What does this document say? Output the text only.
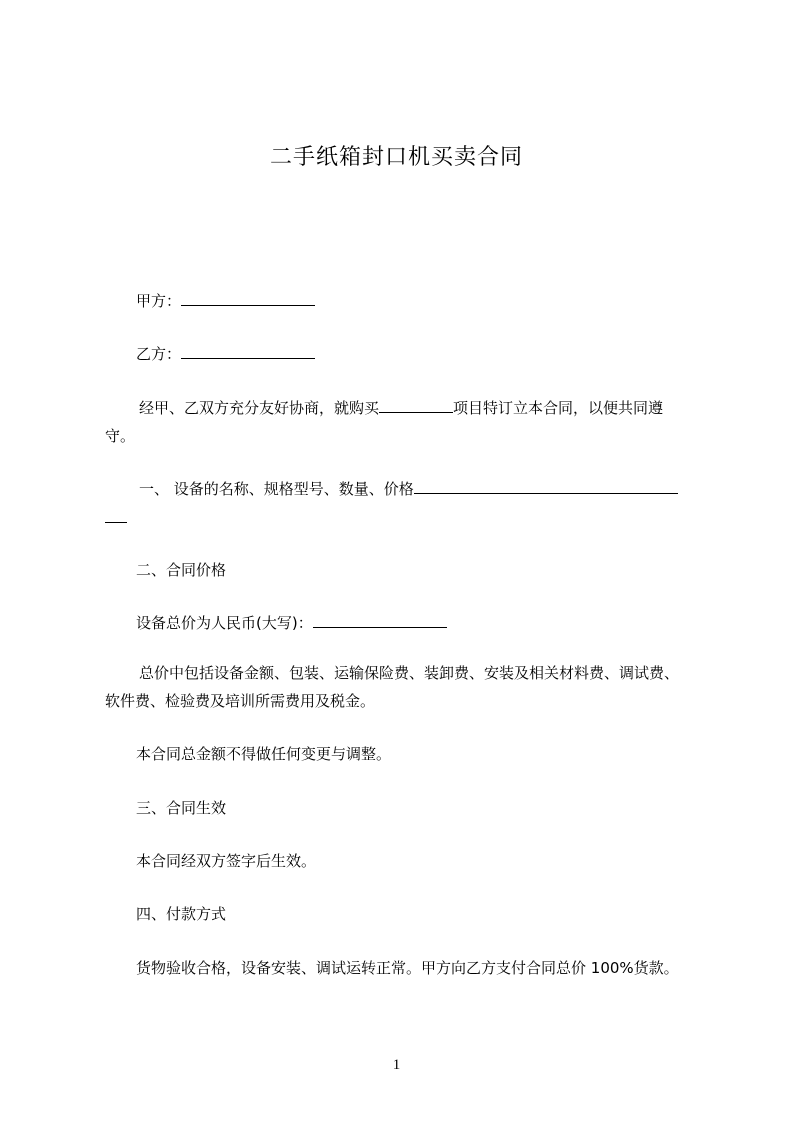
二手纸箱封口机买卖合同
甲方：
乙方：
经甲、乙双方充分友好协商，就购买	项目特订立本合同，以便共同遵
守。
一、 设备的名称、规格型号、数量、价格
二、合同价格
设备总价为人民币(大写)：
总价中包括设备金额、包装、运输保险费、装卸费、安装及相关材料费、调试费、
软件费、检验费及培训所需费用及税金。
本合同总金额不得做任何变更与调整。
三、合同生效
本合同经双方签字后生效。
四、付款方式
货物验收合格，设备安装、调试运转正常。甲方向乙方支付合同总价 100%货款。
1
